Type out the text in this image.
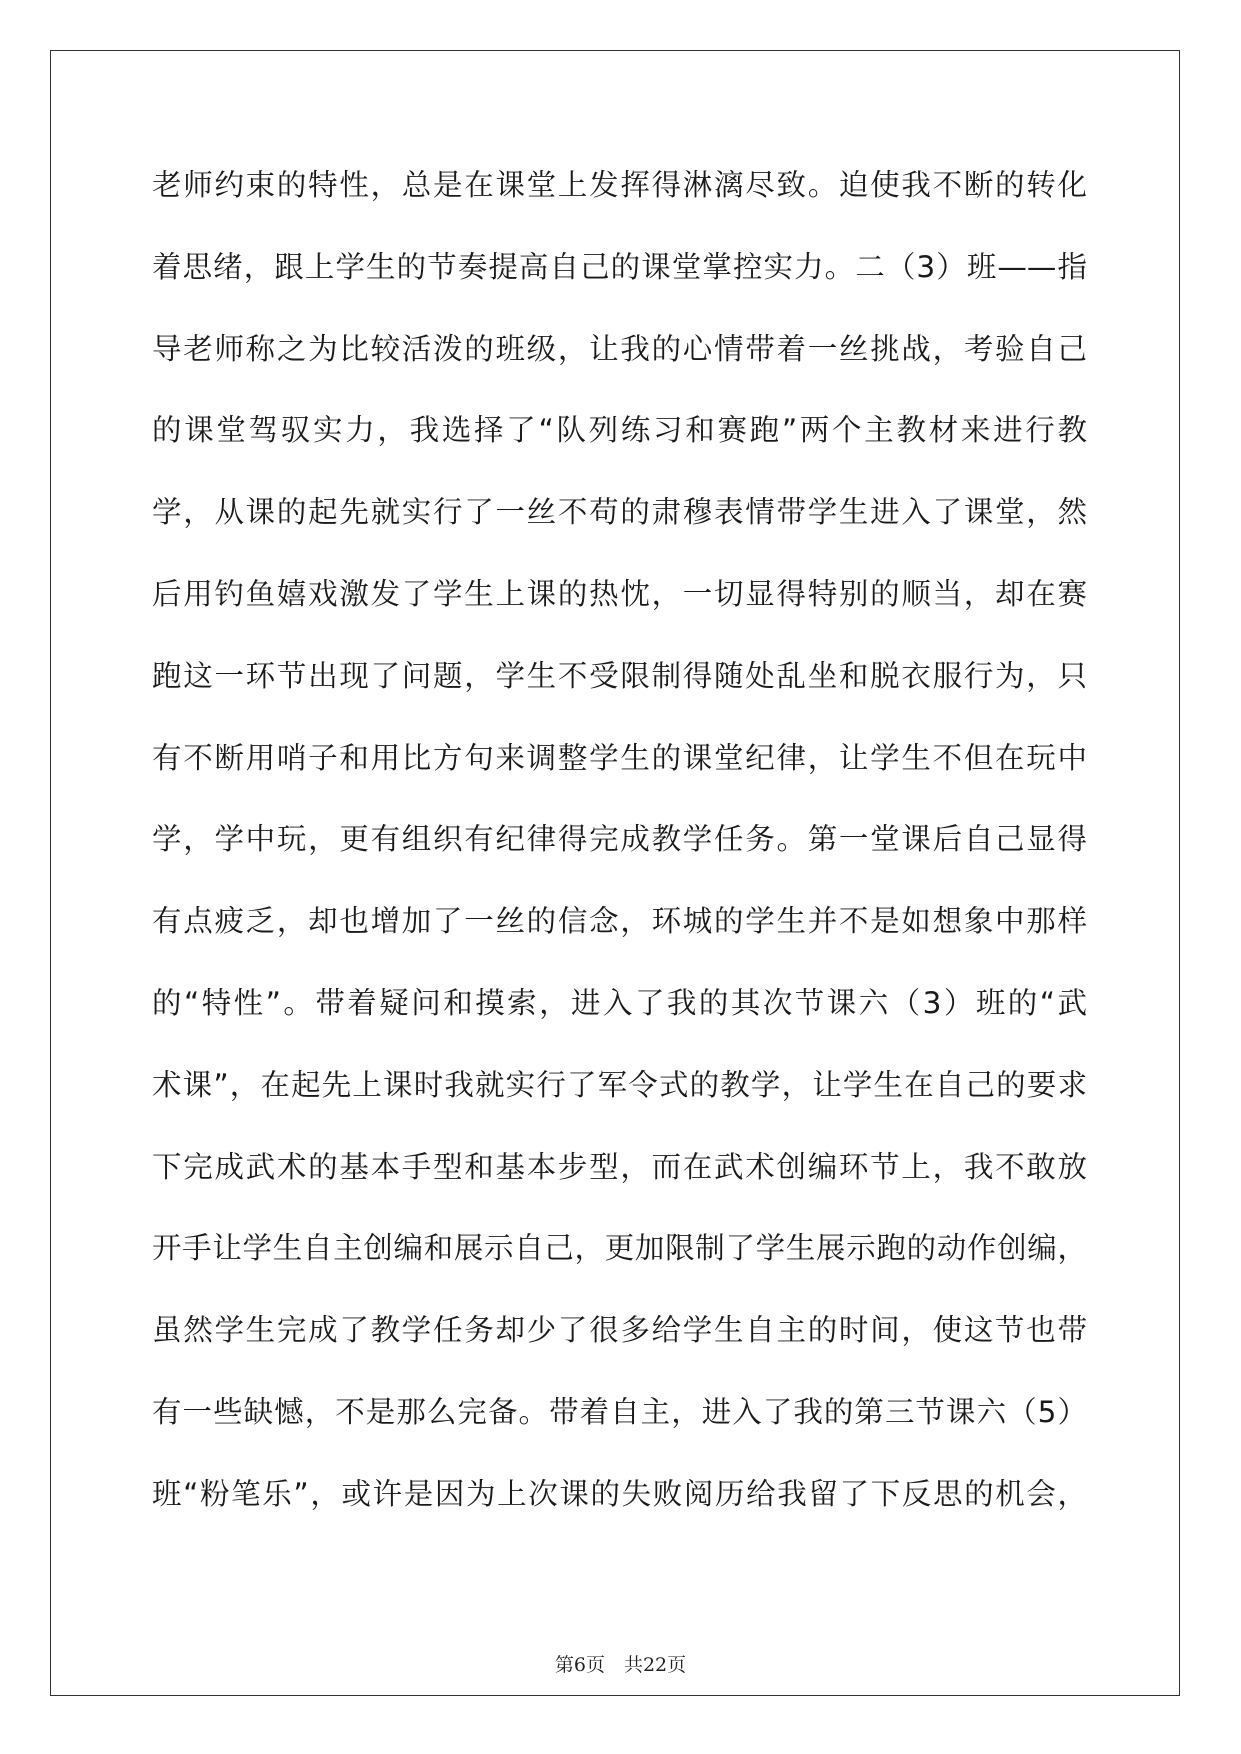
老师约束的特性，总是在课堂上发挥得淋漓尽致。迫使我不断的转化
着思绪，跟上学生的节奏提高自己的课堂掌控实力。二（3）班——指
导老师称之为比较活泼的班级，让我的心情带着一丝挑战，考验自己
的课堂驾驭实力，我选择了“队列练习和赛跑”两个主教材来进行教
学，从课的起先就实行了一丝不苟的肃穆表情带学生进入了课堂，然
后用钓鱼嬉戏激发了学生上课的热忱，一切显得特别的顺当，却在赛
跑这一环节出现了问题，学生不受限制得随处乱坐和脱衣服行为，只
有不断用哨子和用比方句来调整学生的课堂纪律，让学生不但在玩中
学，学中玩，更有组织有纪律得完成教学任务。第一堂课后自己显得
有点疲乏，却也增加了一丝的信念，环城的学生并不是如想象中那样
的“特性”。带着疑问和摸索，进入了我的其次节课六（3）班的“武
术课”，在起先上课时我就实行了军令式的教学，让学生在自己的要求
下完成武术的基本手型和基本步型，而在武术创编环节上，我不敢放
开手让学生自主创编和展示自己，更加限制了学生展示跑的动作创编，
虽然学生完成了教学任务却少了很多给学生自主的时间，使这节也带
有一些缺憾，不是那么完备。带着自主，进入了我的第三节课六（5）
班“粉笔乐”，或许是因为上次课的失败阅历给我留了下反思的机会，
第6页　共22页
